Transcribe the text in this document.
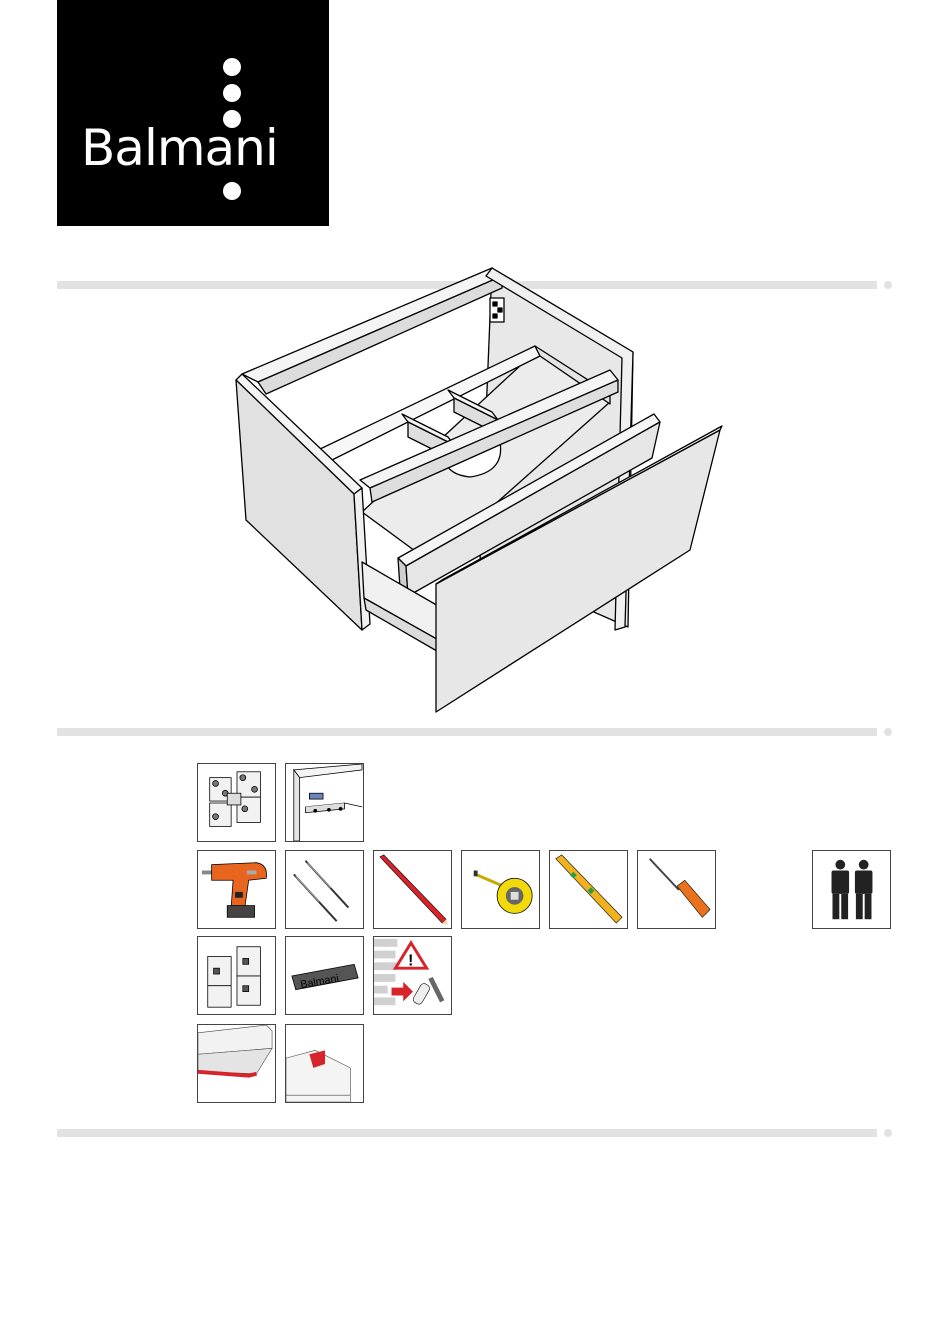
Balmani	®
Balmani
!
